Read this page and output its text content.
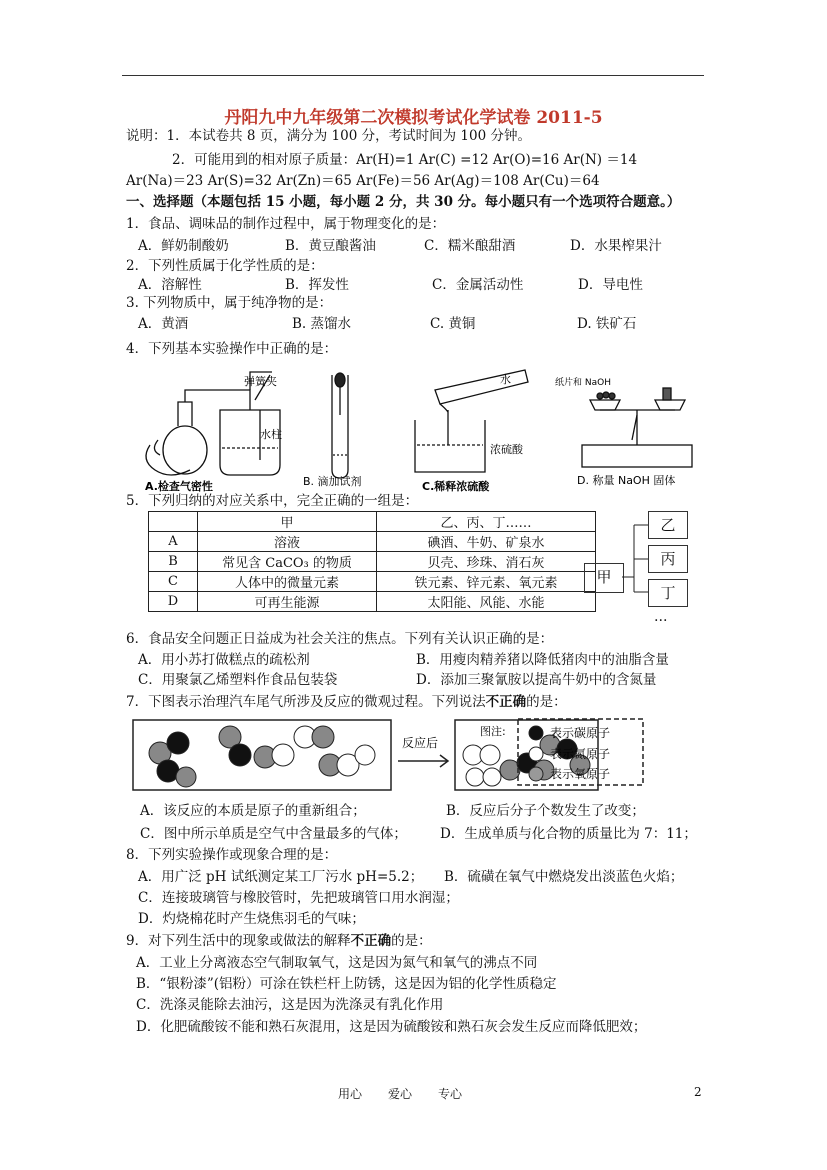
丹阳九中九年级第二次模拟考试化学试卷 2011-5
说明：1．本试卷共 8 页，满分为 100 分，考试时间为 100 分钟。
2．可能用到的相对原子质量：Ar(H)=1 Ar(C) =12 Ar(O)=16 Ar(N) ＝14
Ar(Na)＝23 Ar(S)=32 Ar(Zn)＝65 Ar(Fe)＝56 Ar(Ag)＝108 Ar(Cu)＝64
一、选择题（本题包括 15 小题，每小题 2 分，共 30 分。每小题只有一个选项符合题意。）
1．食品、调味品的制作过程中，属于物理变化的是：
A．鲜奶制酸奶	B．黄豆酿酱油	C．糯米酿甜酒	D．水果榨果汁
2．下列性质属于化学性质的是：
A．溶解性	B．挥发性	C．金属活动性	D．导电性
3. 下列物质中，属于纯净物的是：
A．黄酒	B. 蒸馏水	C. 黄铜	D. 铁矿石
4．下列基本实验操作中正确的是：
弹簧夹
水柱
A.检查气密性	B. 滴加试剂
水
浓硫酸
C.稀释浓硫酸
纸片和 NaOH
D. 称量 NaOH 固体
5．下列归纳的对应关系中，完全正确的一组是：
	甲	乙、丙、丁……
A	溶液	碘酒、牛奶、矿泉水
B	常见含 CaCO₃ 的物质	贝壳、珍珠、消石灰
C	人体中的微量元素	铁元素、锌元素、氧元素
D	可再生能源	太阳能、风能、水能
甲
乙
丙
丁
…
6．食品安全问题正日益成为社会关注的焦点。下列有关认识正确的是：
A．用小苏打做糕点的疏松剂	B．用瘦肉精养猪以降低猪肉中的油脂含量
C．用聚氯乙烯塑料作食品包装袋	D．添加三聚氰胺以提高牛奶中的含氮量
7．下图表示治理汽车尾气所涉及反应的微观过程。下列说法不正确的是：
反应后
图注:	表示碳原子
表示氮原子
表示氧原子
A．该反应的本质是原子的重新组合；	B．反应后分子个数发生了改变；
C．图中所示单质是空气中含量最多的气体； D．生成单质与化合物的质量比为 7：11；
8．下列实验操作或现象合理的是：
A．用广泛 pH 试纸测定某工厂污水 pH=5.2； B．硫磺在氧气中燃烧发出淡蓝色火焰；
C．连接玻璃管与橡胶管时，先把玻璃管口用水润湿；
D．灼烧棉花时产生烧焦羽毛的气味；
9．对下列生活中的现象或做法的解释不正确的是：
A．工业上分离液态空气制取氧气，这是因为氮气和氧气的沸点不同
B．“银粉漆”(铝粉）可涂在铁栏杆上防锈，这是因为铝的化学性质稳定
C．洗涤灵能除去油污，这是因为洗涤灵有乳化作用
D．化肥硫酸铵不能和熟石灰混用，这是因为硫酸铵和熟石灰会发生反应而降低肥效；
用心 爱心 专心	2
